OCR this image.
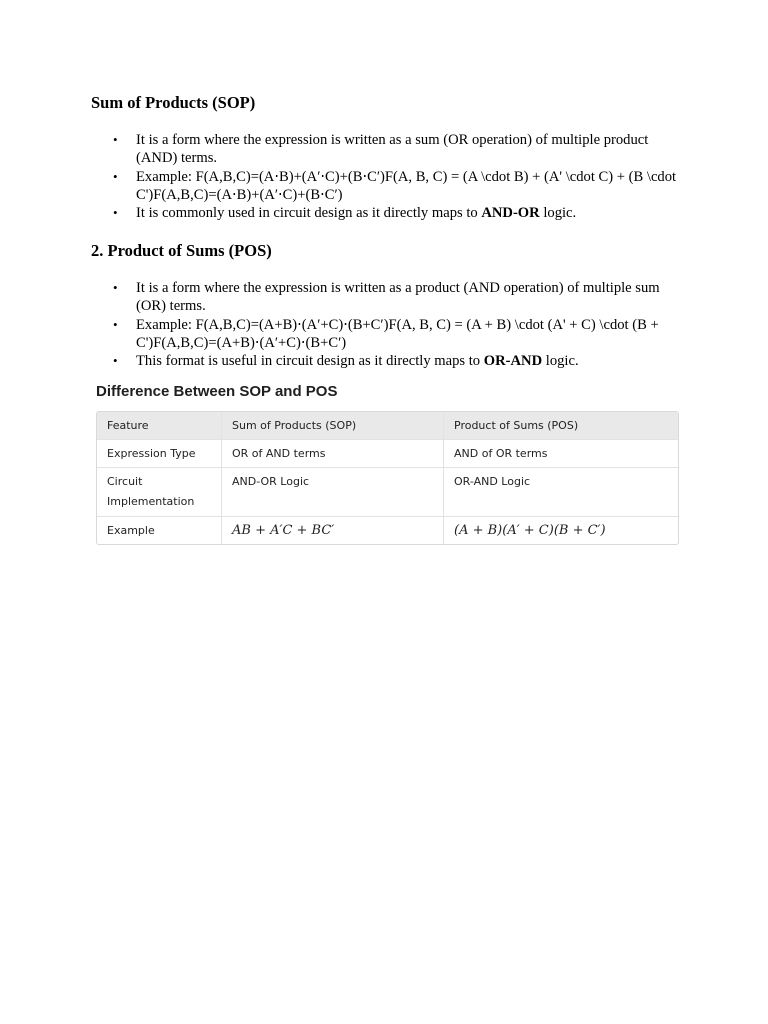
Sum of Products (SOP)
• It is a form where the expression is written as a sum (OR operation) of multiple product (AND) terms.
• Example: F(A,B,C)=(A⋅B)+(A′⋅C)+(B⋅C′)F(A, B, C) = (A \cdot B) + (A' \cdot C) + (B \cdot C')F(A,B,C)=(A⋅B)+(A′⋅C)+(B⋅C′)
• It is commonly used in circuit design as it directly maps to AND-OR logic.
2. Product of Sums (POS)
• It is a form where the expression is written as a product (AND operation) of multiple sum (OR) terms.
• Example: F(A,B,C)=(A+B)⋅(A′+C)⋅(B+C′)F(A, B, C) = (A + B) \cdot (A' + C) \cdot (B + C')F(A,B,C)=(A+B)⋅(A′+C)⋅(B+C′)
• This format is useful in circuit design as it directly maps to OR-AND logic.
Difference Between SOP and POS
Feature	Sum of Products (SOP)	Product of Sums (POS)
Expression Type	OR of AND terms	AND of OR terms
Circuit Implementation	AND-OR Logic	OR-AND Logic
Example	AB + A′C + BC′	(A + B)(A′ + C)(B + C′)
